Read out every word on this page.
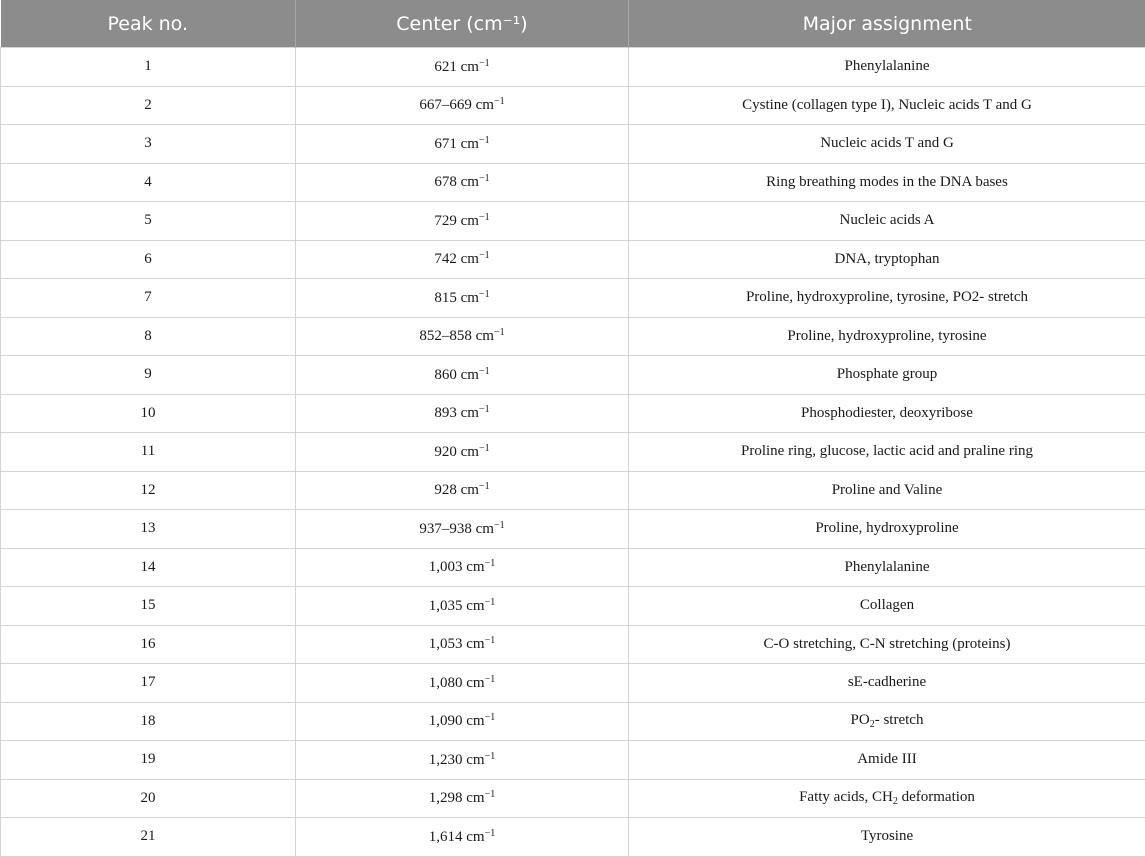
Peak no.	Center (cm⁻¹)	Major assignment
1	621 $cm^{-1}$	Phenylalanine
2	667–669 $cm^{-1}$	Cystine (collagen type I), Nucleic acids T and G
3	671 $cm^{-1}$	Nucleic acids T and G
4	678 $cm^{-1}$	Ring breathing modes in the DNA bases
5	729 $cm^{-1}$	Nucleic acids A
6	742 $cm^{-1}$	DNA, tryptophan
7	815 $cm^{-1}$	Proline, hydroxyproline, tyrosine, PO2- stretch
8	852–858 $cm^{-1}$	Proline, hydroxyproline, tyrosine
9	860 $cm^{-1}$	Phosphate group
10	893 $cm^{-1}$	Phosphodiester, deoxyribose
11	920 $cm^{-1}$	Proline ring, glucose, lactic acid and praline ring
12	928 $cm^{-1}$	Proline and Valine
13	937–938 $cm^{-1}$	Proline, hydroxyproline
14	1,003 $cm^{-1}$	Phenylalanine
15	1,035 $cm^{-1}$	Collagen
16	1,053 $cm^{-1}$	C-O stretching, C-N stretching (proteins)
17	1,080 $cm^{-1}$	sE-cadherine
18	1,090 $cm^{-1}$	$PO_2-$ stretch
19	1,230 $cm^{-1}$	Amide III
20	1,298 $cm^{-1}$	Fatty acids, $CH_2$ deformation
21	1,614 $cm^{-1}$	Tyrosine
